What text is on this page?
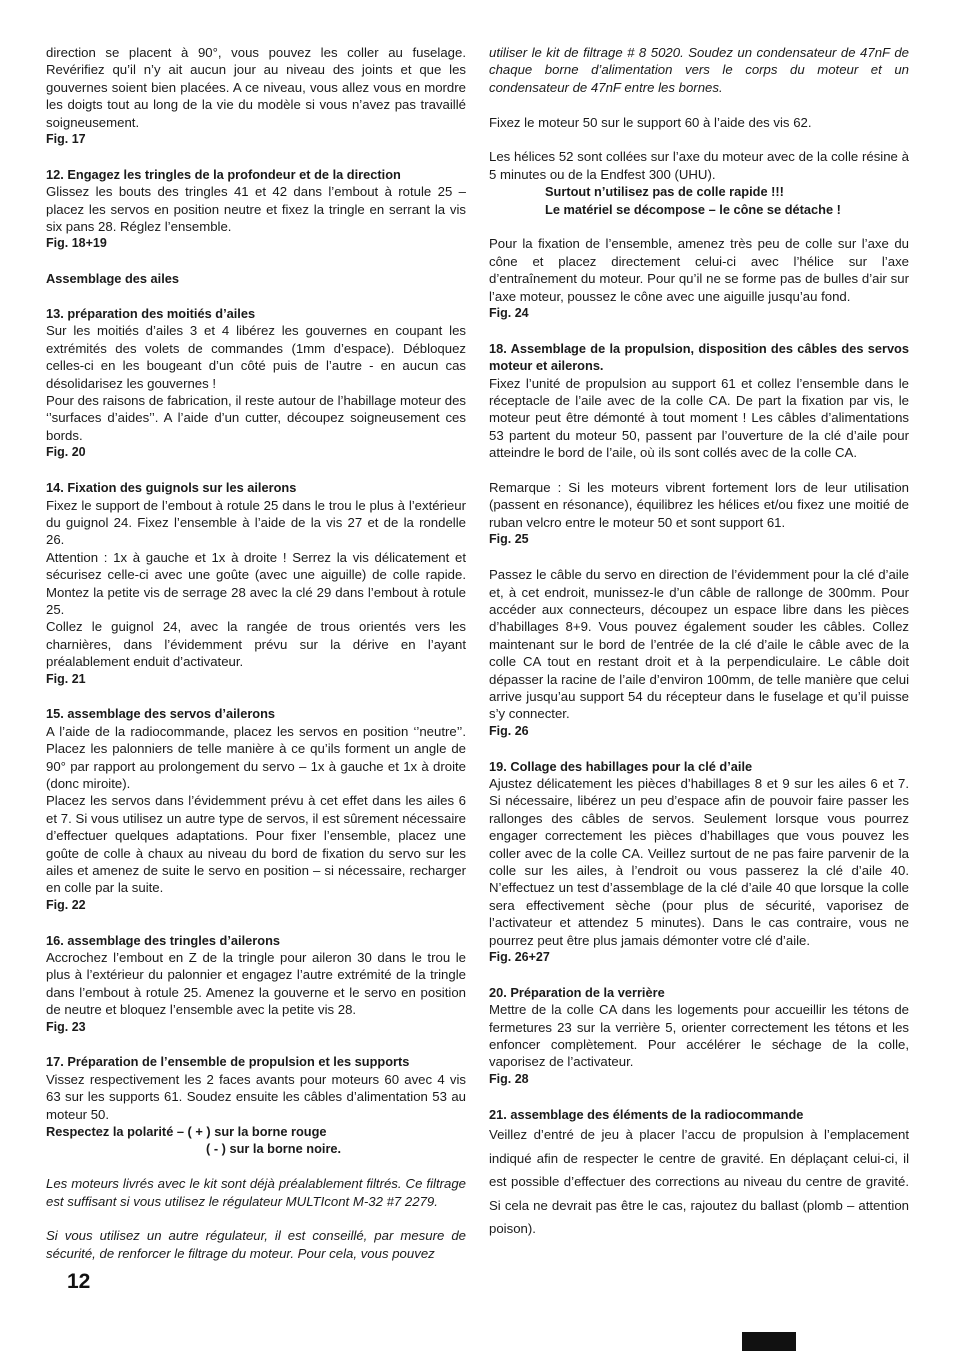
direction se placent à 90°, vous pouvez les coller au fuselage. Revérifiez qu’il n’y ait aucun jour au niveau des joints et que les gouvernes soient bien placées. A ce niveau, vous allez vous en mordre les doigts tout au long de la vie du modèle si vous n’avez pas travaillé soigneusement.

Fig. 17

12. Engagez les tringles de la profondeur et de la direction

Glissez les bouts des tringles 41 et 42 dans l’embout à rotule 25 – placez les servos en position neutre et fixez la tringle en serrant la vis six pans 28. Réglez l’ensemble.

Fig. 18+19

Assemblage des ailes

13. préparation des moitiés d’ailes

Sur les moitiés d’ailes 3 et 4 libérez les gouvernes en coupant les extrémités des volets de commandes (1mm d’espace). Débloquez celles-ci en les bougeant d’un côté puis de l’autre - en aucun cas désolidarisez les gouvernes !

Pour des raisons de fabrication, il reste autour de l’habillage moteur des ‘’surfaces d’aides’’. A l’aide d’un cutter, découpez soigneusement ces bords.

Fig. 20

14. Fixation des guignols sur les ailerons

Fixez le support de l’embout à rotule 25 dans le trou le plus à l’extérieur du guignol 24. Fixez l’ensemble à l’aide de la vis 27 et de la rondelle 26.

Attention : 1x à gauche et 1x à droite ! Serrez la vis délicatement et sécurisez celle-ci avec une goûte (avec une aiguille) de colle rapide. Montez la petite vis de serrage 28 avec la clé 29 dans l’embout à rotule 25.

Collez le guignol 24, avec la rangée de trous orientés vers les charnières, dans l’évidemment prévu sur la dérive en l’ayant préalablement enduit d’activateur.

Fig. 21

15. assemblage des servos d’ailerons

A l’aide de la radiocommande, placez les servos en position ‘’neutre’’. Placez les palonniers de telle manière à ce qu’ils forment un angle de 90° par rapport au prolongement du servo – 1x à gauche et 1x à droite (donc miroite).

Placez les servos dans l’évidemment prévu à cet effet dans les ailes 6 et 7. Si vous utilisez un autre type de servos, il est sûrement nécessaire d’effectuer quelques adaptations. Pour fixer l’ensemble, placez une goûte de colle à chaux au niveau du bord de fixation du servo sur les ailes et amenez de suite le servo en position – si nécessaire, recharger en colle par la suite.

Fig. 22

16. assemblage des tringles d’ailerons

Accrochez l’embout en Z de la tringle pour aileron 30 dans le trou le plus à l’extérieur du palonnier et engagez l’autre extrémité de la tringle dans l’embout à rotule 25. Amenez la gouverne et le servo en position de neutre et bloquez l’ensemble avec la petite vis 28.

Fig. 23

17. Préparation de l’ensemble de propulsion et les supports

Vissez respectivement les 2 faces avants pour moteurs 60 avec 4 vis 63 sur les supports 61. Soudez ensuite les câbles d’alimentation 53 au moteur 50.

Respectez la polarité – ( + ) sur la borne rouge

( - ) sur la borne noire.

Les moteurs livrés avec le kit sont déjà préalablement filtrés. Ce filtrage est suffisant si vous utilisez le régulateur MULTIcont M-32 #7 2279.

Si vous utilisez un autre régulateur, il est conseillé, par mesure de sécurité, de renforcer le filtrage du moteur. Pour cela, vous pouvez

utiliser le kit de filtrage # 8 5020. Soudez un condensateur de 47nF de chaque borne d’alimentation vers le corps du moteur et un condensateur de 47nF entre les bornes.

Fixez le moteur 50 sur le support 60 à l’aide des vis 62.

Les hélices 52 sont collées sur l’axe du moteur avec de la colle résine à 5 minutes ou de la Endfest 300 (UHU).

Surtout n’utilisez pas de colle rapide !!!

Le matériel se décompose – le cône se détache !

Pour la fixation de l’ensemble, amenez très peu de colle sur l’axe du cône et placez directement celui-ci avec l’hélice sur l’axe d’entraînement du moteur. Pour qu’il ne se forme pas de bulles d’air sur l’axe moteur, poussez le cône avec une aiguille jusqu’au fond.

Fig. 24

18. Assemblage de la propulsion, disposition des câbles des servos moteur et ailerons.

Fixez l’unité de propulsion au support 61 et collez l’ensemble dans le réceptacle de l’aile avec de la colle CA. De part la fixation par vis, le moteur peut être démonté à tout moment ! Les câbles d’alimentations 53 partent du moteur 50, passent par l’ouverture de la clé d’aile pour atteindre le bord de l’aile, où ils sont collés avec de la colle CA.

Remarque : Si les moteurs vibrent fortement lors de leur utilisation (passent en résonance), équilibrez les hélices et/ou fixez une moitié de ruban velcro entre le moteur 50 et sont support 61.

Fig. 25

Passez le câble du servo en direction de l’évidemment pour la clé d’aile et, à cet endroit, munissez-le d’un câble de rallonge de 300mm. Pour accéder aux connecteurs, découpez un espace libre dans les pièces d’habillages 8+9. Vous pouvez également souder les câbles. Collez maintenant sur le bord de l’entrée de la clé d’aile le câble avec de la colle CA tout en restant droit et à la perpendiculaire. Le câble doit dépasser la racine de l’aile d’environ 100mm, de telle manière que celui arrive jusqu’au support 54 du récepteur dans le fuselage et qu’il puisse s’y connecter.

Fig. 26

19. Collage des habillages pour la clé d’aile

Ajustez délicatement les pièces d’habillages 8 et 9 sur les ailes 6 et 7. Si nécessaire, libérez un peu d’espace afin de pouvoir faire passer les rallonges des câbles de servos. Seulement lorsque vous pourrez engager correctement les pièces d’habillages que vous pouvez les coller avec de la colle CA. Veillez surtout de ne pas faire parvenir de la colle sur les ailes, à l’endroit ou vous passerez la clé d’aile 40. N’effectuez un test d’assemblage de la clé d’aile 40 que lorsque la colle sera effectivement sèche (pour plus de sécurité, vaporisez de l’activateur et attendez 5 minutes). Dans le cas contraire, vous ne pourrez peut être plus jamais démonter votre clé d’aile.

Fig. 26+27

20. Préparation de la verrière

Mettre de la colle CA dans les logements pour accueillir les tétons de fermetures 23 sur la verrière 5, orienter correctement les tétons et les enfoncer complètement. Pour accélérer le séchage de la colle, vaporisez de l’activateur.

Fig. 28

21. assemblage des éléments de la radiocommande

Veillez d’entré de jeu à placer l’accu de propulsion à l’emplacement indiqué afin de respecter le centre de gravité. En déplaçant celui-ci, il est possible d’effectuer des corrections au niveau du centre de gravité. Si cela ne devrait pas être le cas, rajoutez du ballast (plomb – attention poison).

12
